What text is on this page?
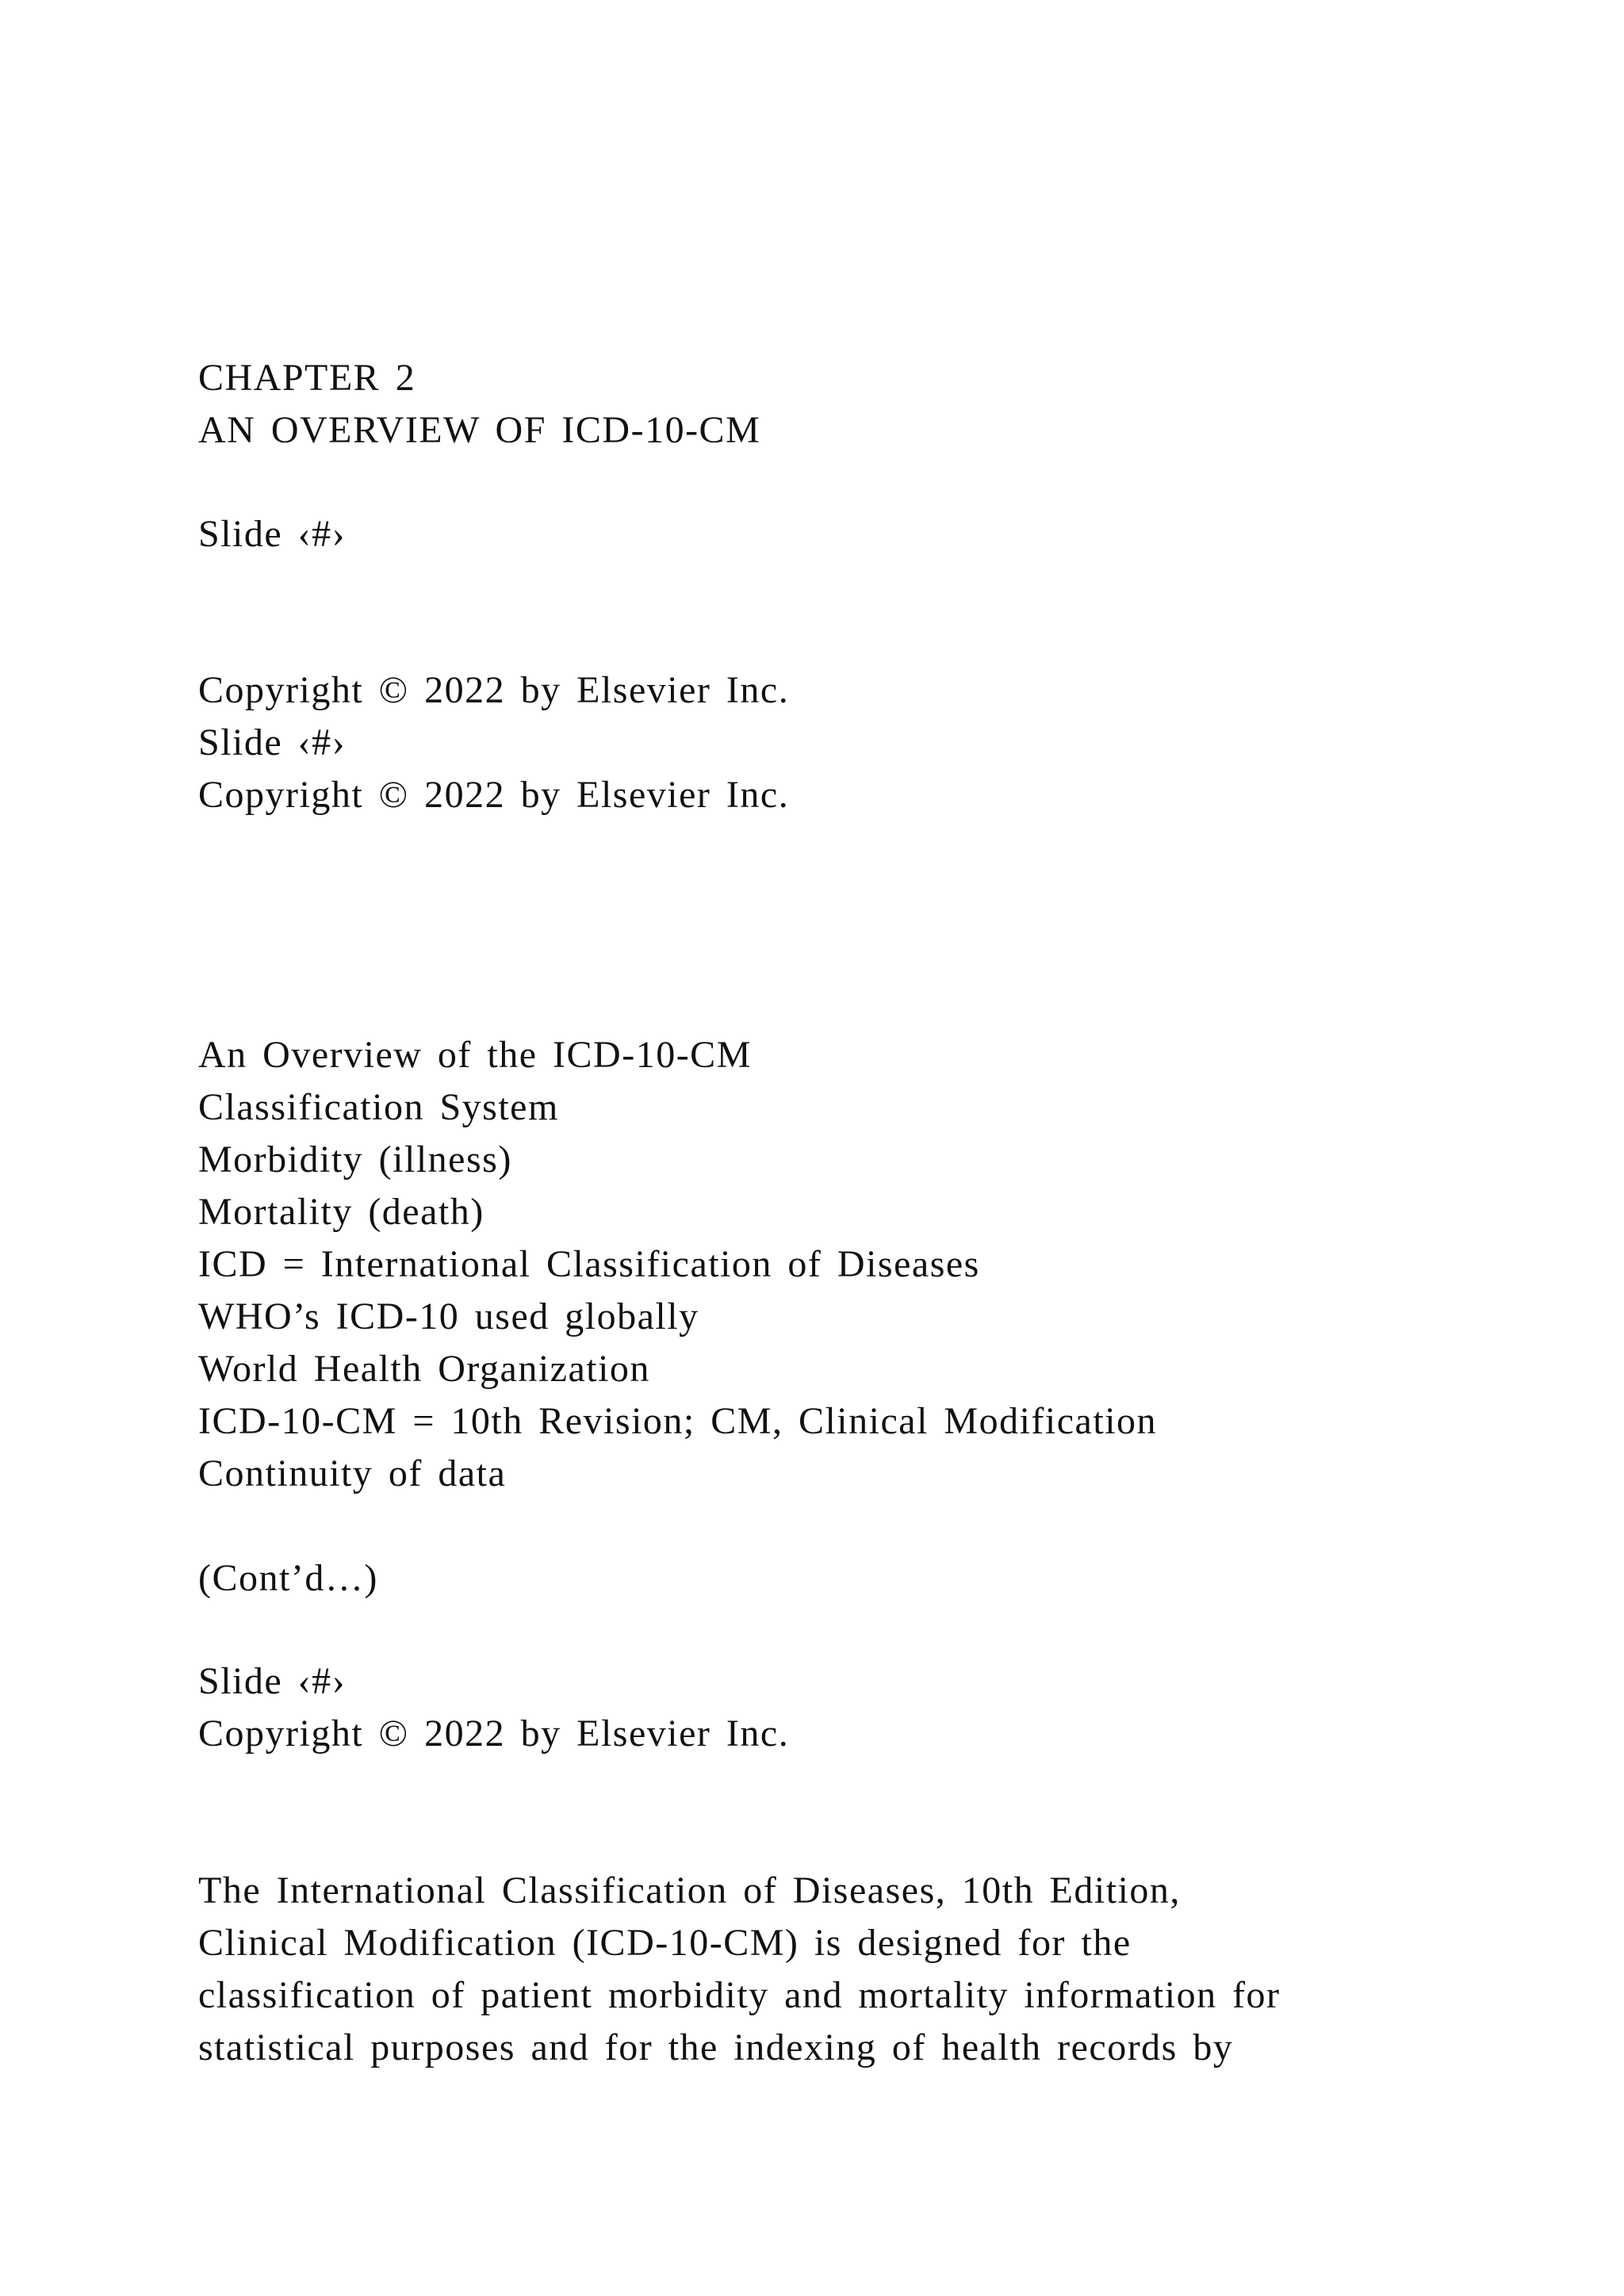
CHAPTER 2

AN OVERVIEW OF ICD-10-CM

Slide ‹#›

Copyright © 2022 by Elsevier Inc.

Slide ‹#›

Copyright © 2022 by Elsevier Inc.

An Overview of the ICD-10-CM

Classification System

Morbidity (illness)

Mortality (death)

ICD = International Classification of Diseases

WHO’s ICD-10 used globally

World Health Organization

ICD-10-CM = 10th Revision; CM, Clinical Modification

Continuity of data

(Cont’d…)

Slide ‹#›

Copyright © 2022 by Elsevier Inc.

The International Classification of Diseases, 10th Edition,

Clinical Modification (ICD-10-CM) is designed for the

classification of patient morbidity and mortality information for

statistical purposes and for the indexing of health records by
